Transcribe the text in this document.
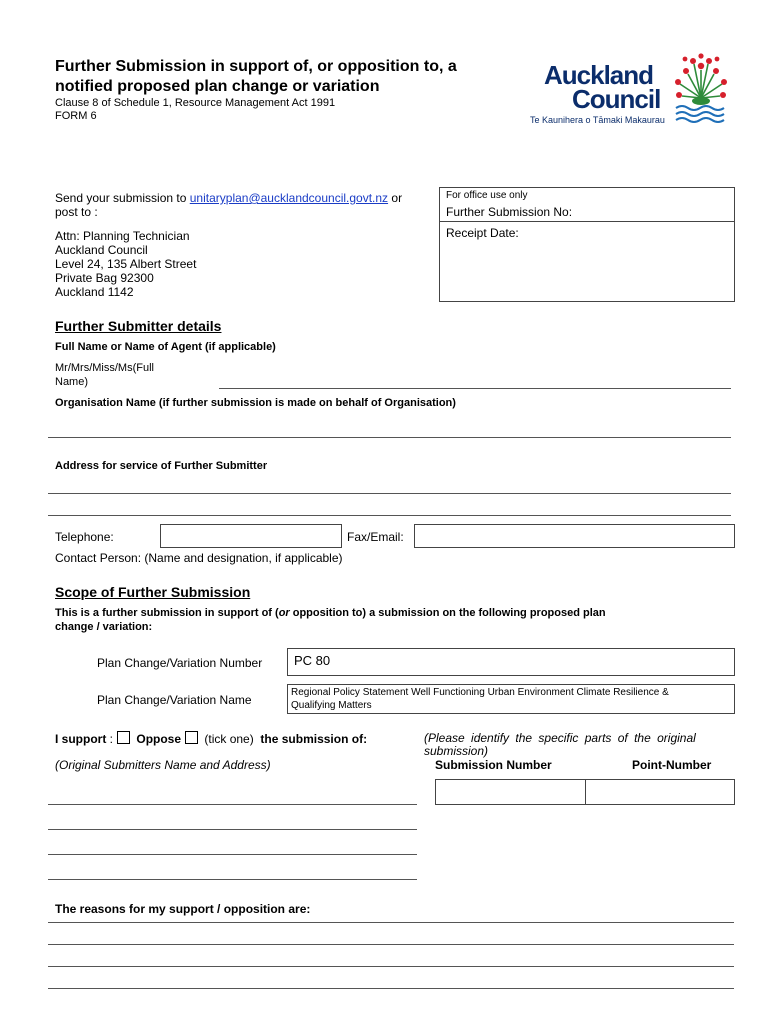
Further Submission in support of, or opposition to, a
notified proposed plan change or variation
Clause 8 of Schedule 1, Resource Management Act 1991
FORM 6
Auckland
Council
Te Kaunihera o Tāmaki Makaurau
Send your submission to unitaryplan@aucklandcouncil.govt.nz or
post to :
Attn: Planning Technician
Auckland Council
Level 24, 135 Albert Street
Private Bag 92300
Auckland 1142
For office use only
Further Submission No:
Receipt Date:
Further Submitter details
Full Name or Name of Agent (if applicable)
Mr/Mrs/Miss/Ms(Full
Name)
Organisation Name (if further submission is made on behalf of Organisation)
Address for service of Further Submitter
Telephone:	Fax/Email:
Contact Person: (Name and designation, if applicable)
Scope of Further Submission
This is a further submission in support of (or opposition to) a submission on the following proposed plan
change / variation:
Plan Change/Variation Number PC 80
Plan Change/Variation Name
Regional Policy Statement Well Functioning Urban Environment Climate Resilience &
Qualifying Matters
I support : Oppose (tick one) the submission of:	(Please identify the specific parts of the original
submission)
(Original Submitters Name and Address)	Submission Number	Point-Number
The reasons for my support / opposition are:
